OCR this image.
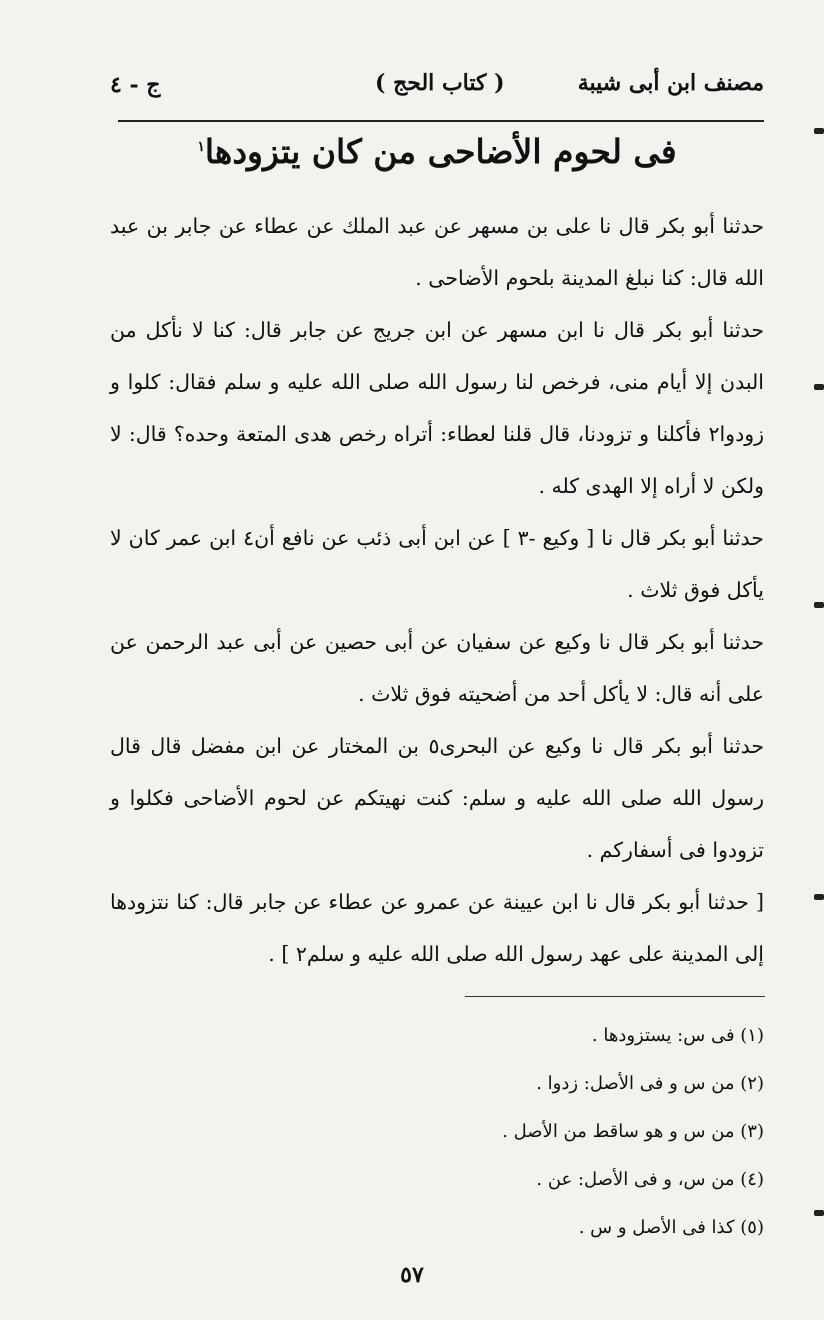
مصنف ابن أبى شيبة
( كتاب الحج )
ج - ٤
فى لحوم الأضاحى من كان يتزودها$^١$

حدثنا أبو بكر قال نا على بن مسهر عن عبد الملك عن عطاء عن جابر بن عبد الله قال: كنا نبلغ المدينة بلحوم الأضاحى .

حدثنا أبو بكر قال نا ابن مسهر عن ابن جريج عن جابر قال: كنا لا نأكل من البدن إلا أيام منى، فرخص لنا رسول الله صلى الله عليه و سلم فقال: كلوا و زودوا٢ فأكلنا و تزودنا، قال قلنا لعطاء: أتراه رخص هدى المتعة وحده؟ قال: لا ولكن لا أراه إلا الهدى كله .

حدثنا أبو بكر قال نا [ وكيع -٣ ] عن ابن أبى ذئب عن نافع أن٤ ابن عمر كان لا يأكل فوق ثلاث .

حدثنا أبو بكر قال نا وكيع عن سفيان عن أبى حصين عن أبى عبد الرحمن عن على أنه قال: لا يأكل أحد من أضحيته فوق ثلاث .

حدثنا أبو بكر قال نا وكيع عن البحرى٥ بن المختار عن ابن مفضل قال قال رسول الله صلى الله عليه و سلم: كنت نهيتكم عن لحوم الأضاحى فكلوا و تزودوا فى أسفاركم .

[ حدثنا أبو بكر قال نا ابن عيينة عن عمرو عن عطاء عن جابر قال: كنا نتزودها إلى المدينة على عهد رسول الله صلى الله عليه و سلم٢ ] .

(١) فى س: يستزودها .
(٢) من س و فى الأصل: زدوا .
(٣) من س و هو ساقط من الأصل .
(٤) من س، و فى الأصل: عن .
(٥) كذا فى الأصل و س .
٥٧
